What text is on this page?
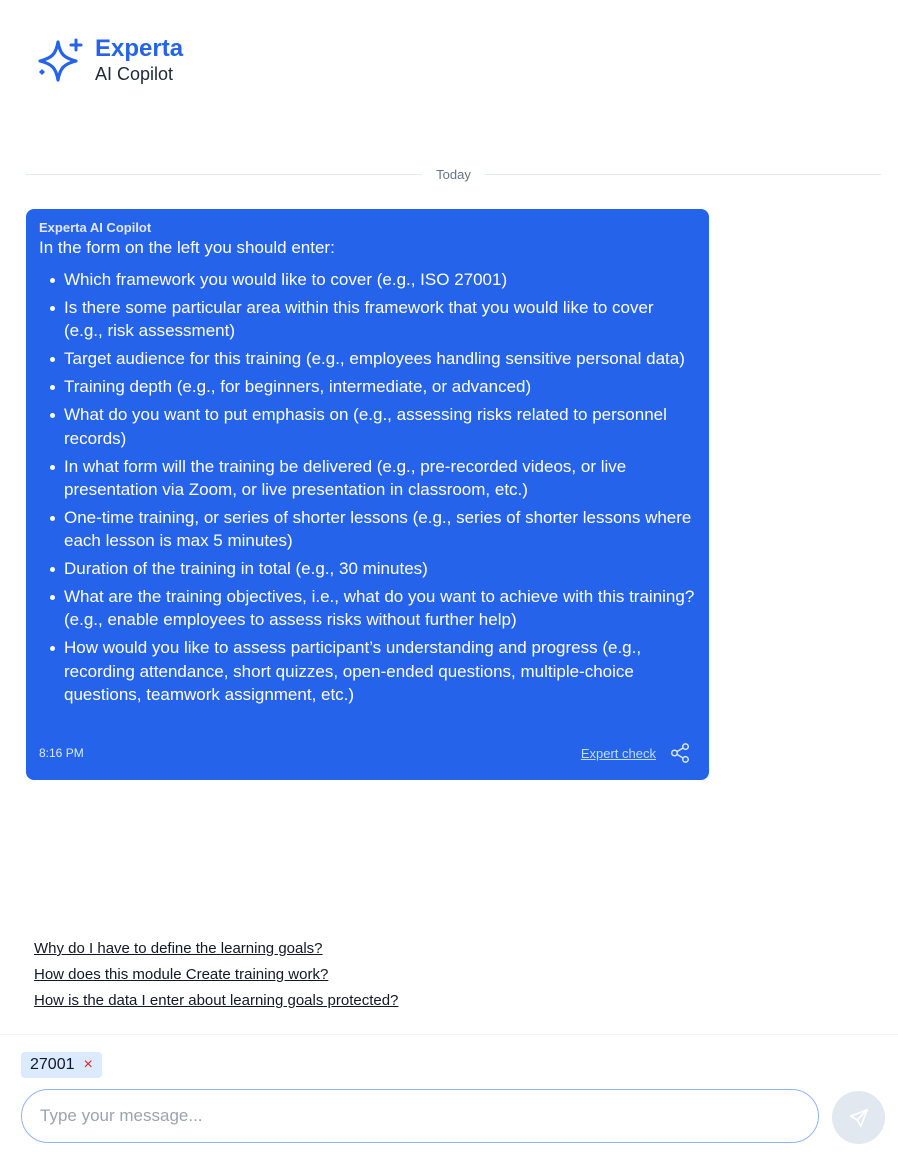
Experta
AI Copilot
Today
Experta AI Copilot
In the form on the left you should enter:
Which framework you would like to cover (e.g., ISO 27001)
Is there some particular area within this framework that you would like to cover (e.g., risk assessment)
Target audience for this training (e.g., employees handling sensitive personal data)
Training depth (e.g., for beginners, intermediate, or advanced)
What do you want to put emphasis on (e.g., assessing risks related to personnel records)
In what form will the training be delivered (e.g., pre-recorded videos, or live presentation via Zoom, or live presentation in classroom, etc.)
One-time training, or series of shorter lessons (e.g., series of shorter lessons where each lesson is max 5 minutes)
Duration of the training in total (e.g., 30 minutes)
What are the training objectives, i.e., what do you want to achieve with this training? (e.g., enable employees to assess risks without further help)
How would you like to assess participant’s understanding and progress (e.g., recording attendance, short quizzes, open-ended questions, multiple-choice questions, teamwork assignment, etc.)
8:16 PM	Expert check
Why do I have to define the learning goals?
How does this module Create training work?
How is the data I enter about learning goals protected?
27001 ×
Type your message...
